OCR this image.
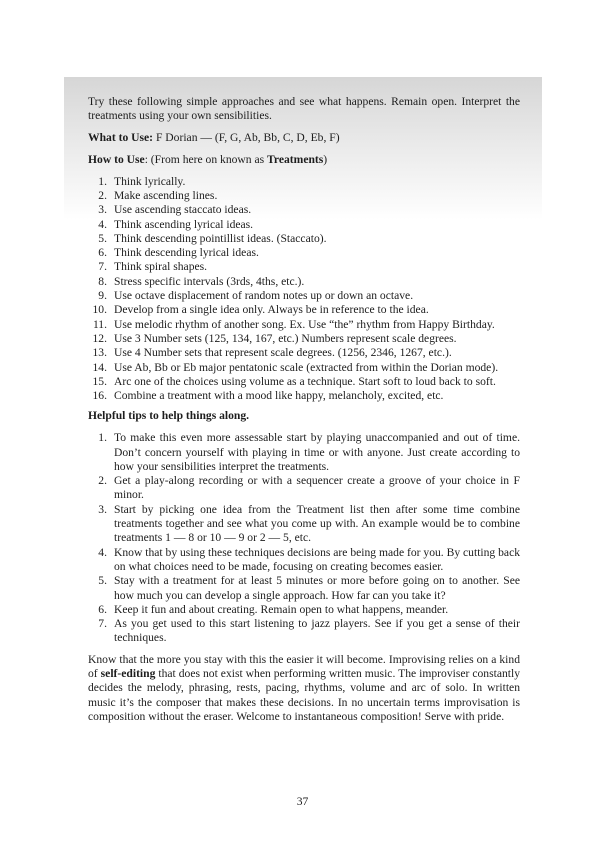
Try these following simple approaches and see what happens. Remain open. Interpret the treatments using your own sensibilities.

What to Use: F Dorian — (F, G, Ab, Bb, C, D, Eb, F)

How to Use: (From here on known as Treatments)

1. Think lyrically.
2. Make ascending lines.
3. Use ascending staccato ideas.
4. Think ascending lyrical ideas.
5. Think descending pointillist ideas. (Staccato).
6. Think descending lyrical ideas.
7. Think spiral shapes.
8. Stress specific intervals (3rds, 4ths, etc.).
9. Use octave displacement of random notes up or down an octave.
10. Develop from a single idea only. Always be in reference to the idea.
11. Use melodic rhythm of another song. Ex. Use “the” rhythm from Happy Birthday.
12. Use 3 Number sets (125, 134, 167, etc.) Numbers represent scale degrees.
13. Use 4 Number sets that represent scale degrees. (1256, 2346, 1267, etc.).
14. Use Ab, Bb or Eb major pentatonic scale (extracted from within the Dorian mode).
15. Arc one of the choices using volume as a technique. Start soft to loud back to soft.
16. Combine a treatment with a mood like happy, melancholy, excited, etc.

Helpful tips to help things along.

1. To make this even more assessable start by playing unaccompanied and out of time. Don’t concern yourself with playing in time or with anyone. Just create according to how your sensibilities interpret the treatments.
2. Get a play-along recording or with a sequencer create a groove of your choice in F minor.
3. Start by picking one idea from the Treatment list then after some time combine treatments together and see what you come up with. An example would be to combine treatments 1 — 8 or 10 — 9 or 2 — 5, etc.
4. Know that by using these techniques decisions are being made for you. By cutting back on what choices need to be made, focusing on creating becomes easier.
5. Stay with a treatment for at least 5 minutes or more before going on to another. See how much you can develop a single approach. How far can you take it?
6. Keep it fun and about creating. Remain open to what happens, meander.
7. As you get used to this start listening to jazz players. See if you get a sense of their techniques.

Know that the more you stay with this the easier it will become. Improvising relies on a kind of self-editing that does not exist when performing written music. The improviser constantly decides the melody, phrasing, rests, pacing, rhythms, volume and arc of solo. In written music it’s the composer that makes these decisions. In no uncertain terms improvisation is composition without the eraser. Welcome to instantaneous composition! Serve with pride.

37
